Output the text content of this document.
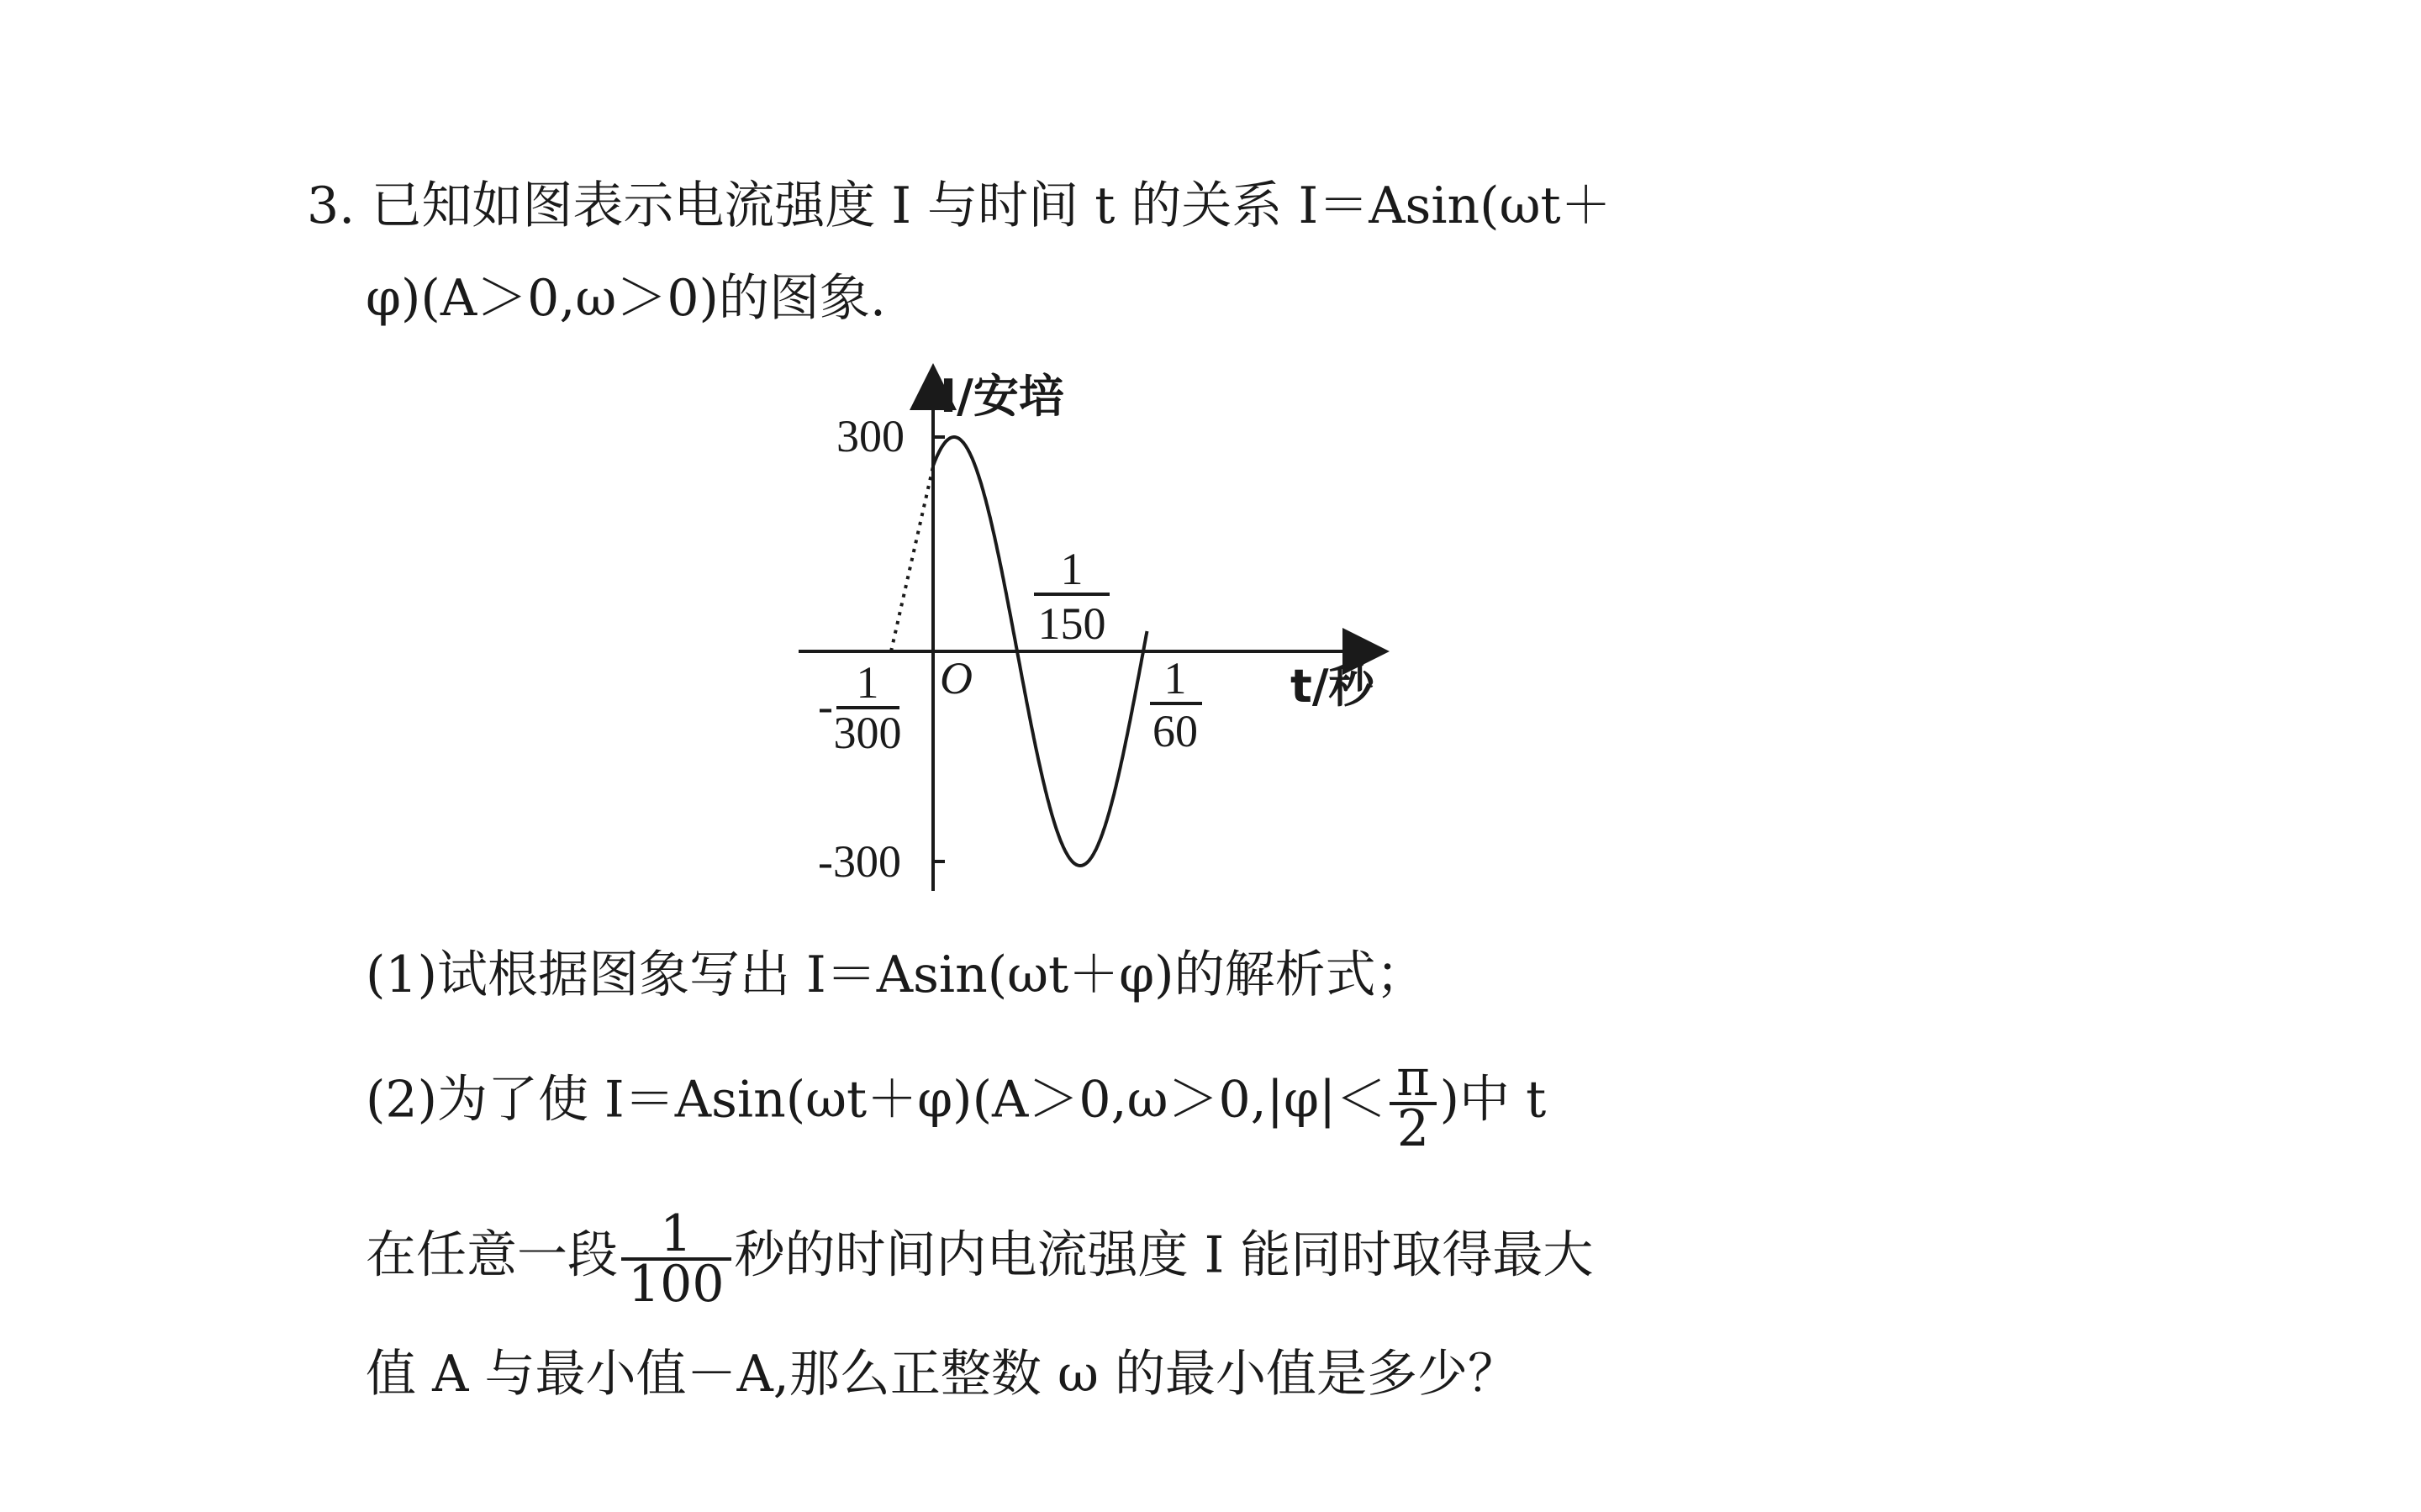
3. 已知如图表示电流强度 I 与时间 t 的关系 I＝Asin(ωt＋
φ)(A＞0,ω＞0)的图象.
I/安培
t/秒
O
300
-300
- 1
300
1
150
1
60
(1)试根据图象写出 I＝Asin(ωt＋φ)的解析式；
(2)为了使 $I=Asin(\omega t+\varphi)(A>0,\omega>0,|\varphi|< \frac{\pi}{2}$ )中 t
在任意一段 $\frac{1}{100}$ 秒的时间内电流强度 I 能同时取得最大
值 A 与最小值－A,那么正整数 ω 的最小值是多少？
